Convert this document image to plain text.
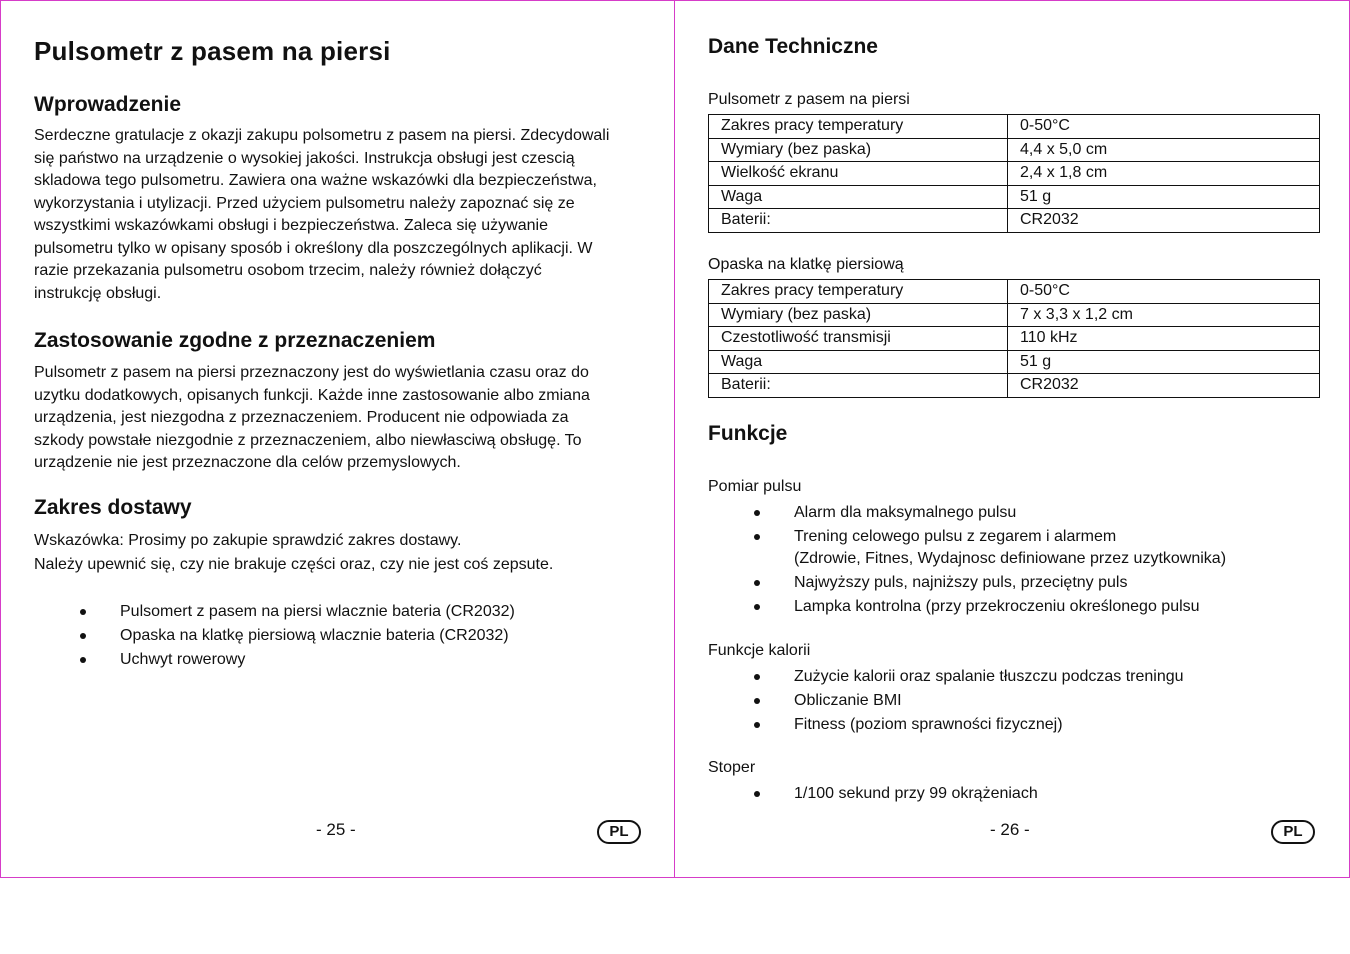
Pulsometr z pasem na piersi
Wprowadzenie
Serdeczne gratulacje z okazji zakupu polsometru z pasem na piersi. Zdecydowali
się państwo na urządzenie o wysokiej jakości. Instrukcja obsługi jest czescią
skladowa tego pulsometru. Zawiera ona ważne wskazówki dla bezpieczeństwa,
wykorzystania i utylizacji. Przed użyciem pulsometru należy zapoznać się ze
wszystkimi wskazówkami obsługi i bezpieczeństwa. Zaleca się używanie
pulsometru tylko w opisany sposób i określony dla poszczególnych aplikacji. W
razie przekazania pulsometru osobom trzecim, należy również dołączyć
instrukcję obsługi.
Zastosowanie zgodne z przeznaczeniem
Pulsometr z pasem na piersi przeznaczony jest do wyświetlania czasu oraz do
uzytku dodatkowych, opisanych funkcji. Każde inne zastosowanie albo zmiana
urządzenia, jest niezgodna z przeznaczeniem. Producent nie odpowiada za
szkody powstałe niezgodnie z przeznaczeniem, albo niewłasciwą obsługę. To
urządzenie nie jest przeznaczone dla celów przemyslowych.
Zakres dostawy
Wskazówka: Prosimy po zakupie sprawdzić zakres dostawy.
Należy upewnić się, czy nie brakuje części oraz, czy nie jest coś zepsute.
Pulsomert z pasem na piersi wlacznie bateria (CR2032)
Opaska na klatkę piersiową wlacznie bateria (CR2032)
Uchwyt rowerowy
- 25 -	PL
Dane Techniczne
Pulsometr z pasem na piersi
Zakres pracy temperatury	0-50°C
Wymiary (bez paska)	4,4 x 5,0 cm
Wielkość ekranu	2,4 x 1,8 cm
Waga	51 g
Baterii:	CR2032
Opaska na klatkę piersiową
Zakres pracy temperatury	0-50°C
Wymiary (bez paska)	7 x 3,3 x 1,2 cm
Czestotliwość transmisji	110 kHz
Waga	51 g
Baterii:	CR2032
Funkcje
Pomiar pulsu
Alarm dla maksymalnego pulsu
Trening celowego pulsu z zegarem i alarmem
(Zdrowie, Fitnes, Wydajnosc definiowane przez uzytkownika)
Najwyższy puls, najniższy puls, przeciętny puls
Lampka kontrolna (przy przekroczeniu określonego pulsu
Funkcje kalorii
Zużycie kalorii oraz spalanie tłuszczu podczas treningu
Obliczanie BMI
Fitness (poziom sprawności fizycznej)
Stoper
1/100 sekund przy 99 okrążeniach
- 26 -	PL
